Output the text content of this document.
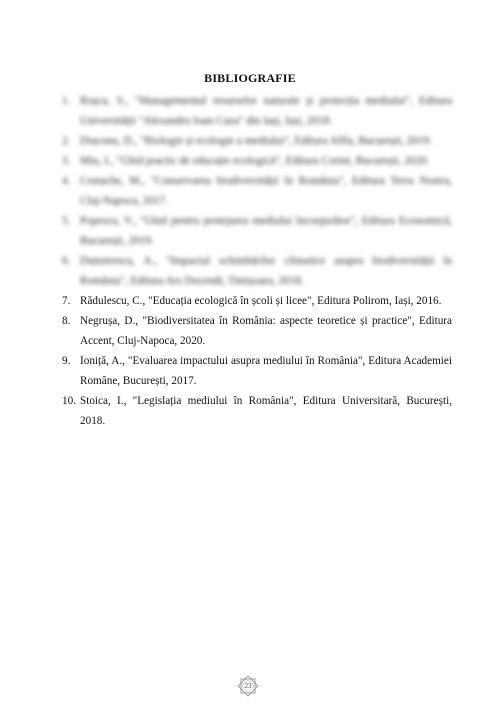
BIBLIOGRAFIE
1. Roșca, S., "Managementul resurselor naturale și protecția mediului", Editura Universității "Alexandru Ioan Cuza" din Iași, Iași, 2018.
2. Diaconu, D., "Biologie și ecologie a mediului", Editura Allfa, București, 2019.
3. Miu, I., "Ghid practic de educație ecologică", Editura Corint, București, 2020.
4. Costache, M., "Conservarea biodiversității în România", Editura Terra Nostra, Cluj-Napoca, 2017.
5. Popescu, V., "Ghid pentru protejarea mediului înconjurător", Editura Economică, București, 2019.
6. Dumitrescu, A., "Impactul schimbărilor climatice asupra biodiversității în România", Editura Ars Docendi, Timișoara, 2018.
7. Rădulescu, C., "Educația ecologică în școli și licee", Editura Polirom, Iași, 2016.
8. Negrușa, D., "Biodiversitatea în România: aspecte teoretice și practice", Editura Accent, Cluj-Napoca, 2020.
9. Ioniță, A., "Evaluarea impactului asupra mediului în România", Editura Academiei Române, București, 2017.
10. Stoica, I., "Legislația mediului în România", Editura Universitară, București, 2018.
23
